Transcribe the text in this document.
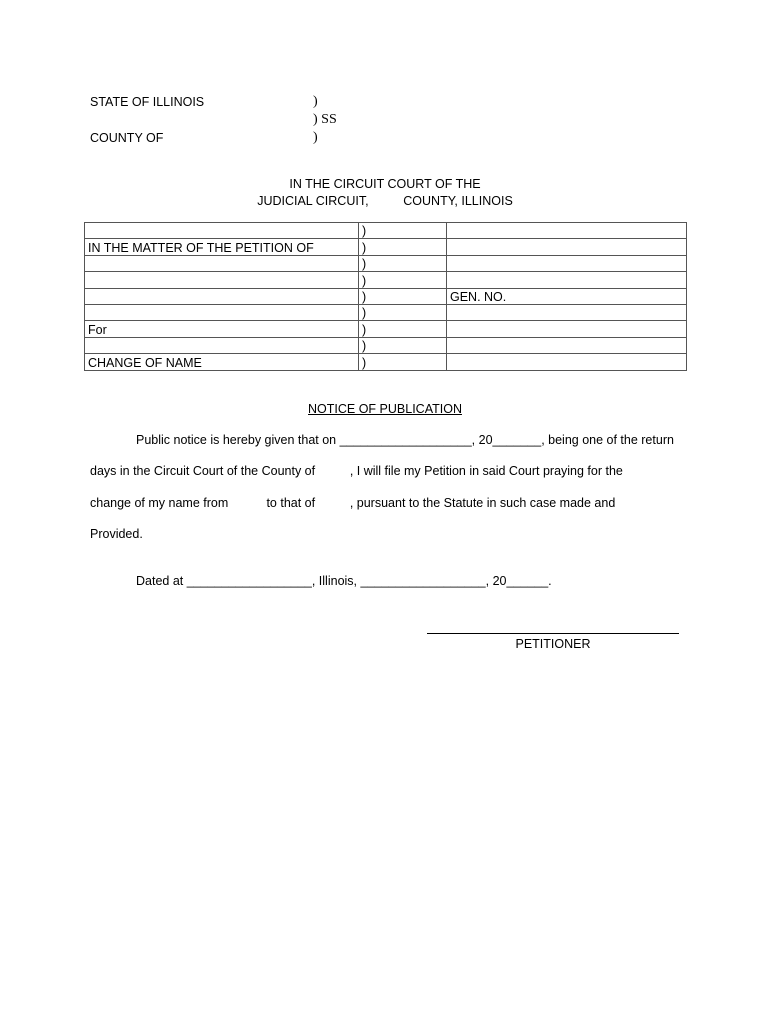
STATE OF ILLINOIS	)
) SS
COUNTY OF	)
IN THE CIRCUIT COURT OF THE
JUDICIAL CIRCUIT,          COUNTY, ILLINOIS
	)	
IN THE MATTER OF THE PETITION OF	)	
	)	
	)	
	)	GEN. NO.
	)	
For	)	
	)	
CHANGE OF NAME	)	
NOTICE OF PUBLICATION
Public notice is hereby given that on ___________________, 20_______, being one of the return
days in the Circuit Court of the County of          , I will file my Petition in said Court praying for the
change of my name from           to that of          , pursuant to the Statute in such case made and
Provided.
Dated at __________________, Illinois, __________________, 20______.
PETITIONER
